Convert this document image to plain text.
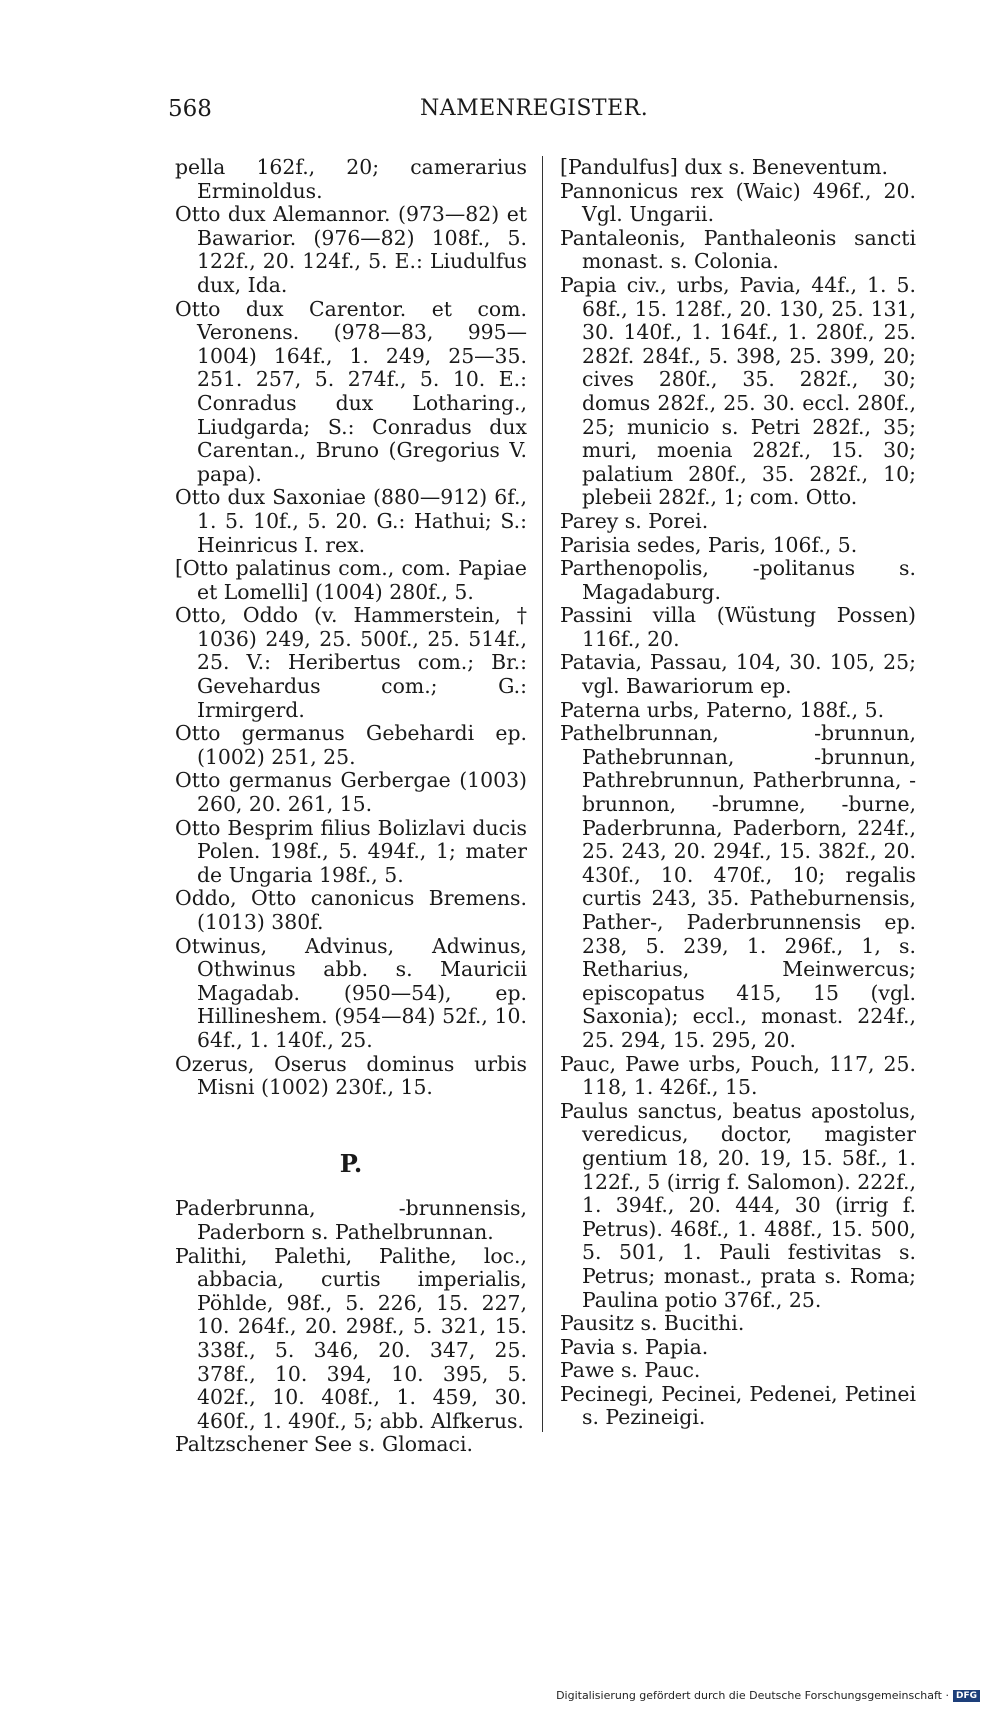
568	NAMENREGISTER.
pella 162f., 20; camerarius Erminoldus.
Otto dux Alemannor. (973—82) et Bawarior. (976—82) 108f., 5. 122f., 20. 124f., 5. E.: Liudulfus dux, Ida.
Otto dux Carentor. et com. Veronens. (978—83, 995—1004) 164f., 1. 249, 25—35. 251. 257, 5. 274f., 5. 10. E.: Conradus dux Lotharing., Liudgarda; S.: Conradus dux Carentan., Bruno (Gregorius V. papa).
Otto dux Saxoniae (880—912) 6f., 1. 5. 10f., 5. 20. G.: Hathui; S.: Heinricus I. rex.
[Otto palatinus com., com. Papiae et Lomelli] (1004) 280f., 5.
Otto, Oddo (v. Hammerstein, † 1036) 249, 25. 500f., 25. 514f., 25. V.: Heribertus com.; Br.: Gevehardus com.; G.: Irmirgerd.
Otto germanus Gebehardi ep. (1002) 251, 25.
Otto germanus Gerbergae (1003) 260, 20. 261, 15.
Otto Besprim filius Bolizlavi ducis Polen. 198f., 5. 494f., 1; mater de Ungaria 198f., 5.
Oddo, Otto canonicus Bremens. (1013) 380f.
Otwinus, Advinus, Adwinus, Othwinus abb. s. Mauricii Magadab. (950—54), ep. Hillineshem. (954—84) 52f., 10. 64f., 1. 140f., 25.
Ozerus, Oserus dominus urbis Misni (1002) 230f., 15.
P.
Paderbrunna, -brunnensis, Paderborn s. Pathelbrunnan.
Palithi, Palethi, Palithe, loc., abbacia, curtis imperialis, Pöhlde, 98f., 5. 226, 15. 227, 10. 264f., 20. 298f., 5. 321, 15. 338f., 5. 346, 20. 347, 25. 378f., 10. 394, 10. 395, 5. 402f., 10. 408f., 1. 459, 30. 460f., 1. 490f., 5; abb. Alfkerus.
Paltzschener See s. Glomaci.
[Pandulfus] dux s. Beneventum.
Pannonicus rex (Waic) 496f., 20. Vgl. Ungarii.
Pantaleonis, Panthaleonis sancti monast. s. Colonia.
Papia civ., urbs, Pavia, 44f., 1. 5. 68f., 15. 128f., 20. 130, 25. 131, 30. 140f., 1. 164f., 1. 280f., 25. 282f. 284f., 5. 398, 25. 399, 20; cives 280f., 35. 282f., 30; domus 282f., 25. 30. eccl. 280f., 25; municio s. Petri 282f., 35; muri, moenia 282f., 15. 30; palatium 280f., 35. 282f., 10; plebeii 282f., 1; com. Otto.
Parey s. Porei.
Parisia sedes, Paris, 106f., 5.
Parthenopolis, -politanus s. Magadaburg.
Passini villa (Wüstung Possen) 116f., 20.
Patavia, Passau, 104, 30. 105, 25; vgl. Bawariorum ep.
Paterna urbs, Paterno, 188f., 5.
Pathelbrunnan, -brunnun, Pathebrunnan, -brunnun, Pathrebrunnun, Patherbrunna, -brunnon, -brumne, -burne, Paderbrunna, Paderborn, 224f., 25. 243, 20. 294f., 15. 382f., 20. 430f., 10. 470f., 10; regalis curtis 243, 35. Patheburnensis, Pather-, Paderbrunnensis ep. 238, 5. 239, 1. 296f., 1, s. Retharius, Meinwercus; episcopatus 415, 15 (vgl. Saxonia); eccl., monast. 224f., 25. 294, 15. 295, 20.
Pauc, Pawe urbs, Pouch, 117, 25. 118, 1. 426f., 15.
Paulus sanctus, beatus apostolus, veredicus, doctor, magister gentium 18, 20. 19, 15. 58f., 1. 122f., 5 (irrig f. Salomon). 222f., 1. 394f., 20. 444, 30 (irrig f. Petrus). 468f., 1. 488f., 15. 500, 5. 501, 1. Pauli festivitas s. Petrus; monast., prata s. Roma; Paulina potio 376f., 25.
Pausitz s. Bucithi.
Pavia s. Papia.
Pawe s. Pauc.
Pecinegi, Pecinei, Pedenei, Petinei s. Pezineigi.
Digitalisierung gefördert durch die Deutsche Forschungsgemeinschaft · DFG
